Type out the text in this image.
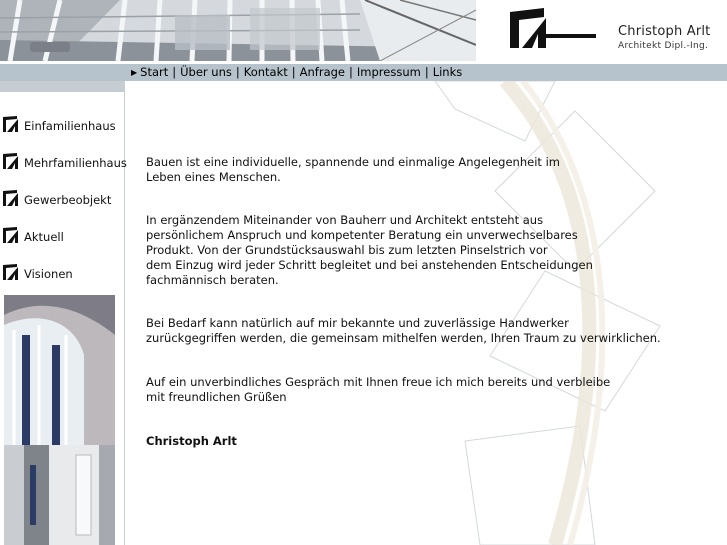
Christoph Arlt
Architekt Dipl.-Ing.
▶ Start | Über uns | Kontakt | Anfrage | Impressum | Links
Einfamilienhaus
Mehrfamilienhaus
Gewerbeobjekt
Aktuell
Visionen

Bauen ist eine individuelle, spannende und einmalige Angelegenheit im
Leben eines Menschen.

In ergänzendem Miteinander von Bauherr und Architekt entsteht aus
persönlichem Anspruch und kompetenter Beratung ein unverwechselbares
Produkt. Von der Grundstücksauswahl bis zum letzten Pinselstrich vor
dem Einzug wird jeder Schritt begleitet und bei anstehenden Entscheidungen
fachmännisch beraten.

Bei Bedarf kann natürlich auf mir bekannte und zuverlässige Handwerker
zurückgegriffen werden, die gemeinsam mithelfen werden, Ihren Traum zu verwirklichen.

Auf ein unverbindliches Gespräch mit Ihnen freue ich mich bereits und verbleibe
mit freundlichen Grüßen

Christoph Arlt
